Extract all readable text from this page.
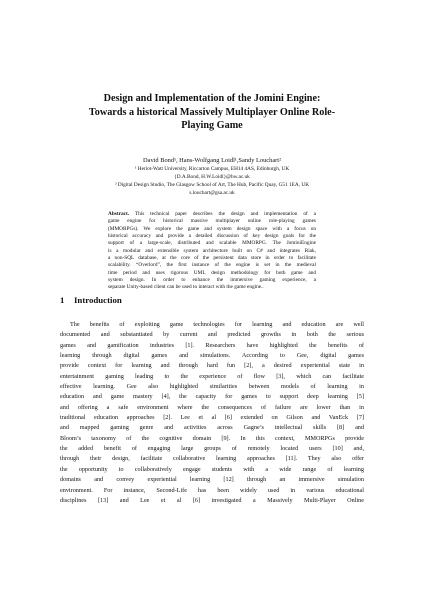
Design and Implementation of the Jomini Engine:
Towards a historical Massively Multiplayer Online Role-
Playing Game
David Bond¹, Hans-Wolfgang Loidl¹,Sandy Louchart²
¹ Heriot-Watt University, Riccarton Campus, EH14 4AS, Edinburgh, UK
{D.A.Bond, H.W.Loidl}@hw.ac.uk
² Digital Design Studio, The Glasgow School of Art, The Hub, Pacific Quay, G51 1EA, UK
s.louchart@gsa.ac.uk
Abstract. This technical paper describes the design and implementation of a
game engine for historical massive multiplayer online role-playing games
(MMORPGs). We explore the game and system design space with a focus on
historical accuracy and provide a detailed discussion of key design goals for the
support of a large-scale, distributed and scalable MMORPG. The JominiEngine
is a modular and extensible system architecture built on C# and integrates Riak,
a non-SQL database, at the core of the persistent data store in order to facilitate
scalability. “Overlord”, the first instance of the engine is set in the medieval
time period and uses rigorous UML design methodology for both game and
system design. In order to enhance the immersive gaming experience, a
separate Unity-based client can be used to interact with the game engine..
1 Introduction
The benefits of exploiting game technologies for learning and education are well
documented and substantiated by current and predicted growths in both the serious
games and gamification industries [1]. Researchers have highlighted the benefits of
learning through digital games and simulations. According to Gee, digital games
provide context for learning and through hard fun [2], a desired experiential state in
entertainment gaming leading to the experience of flow [3], which can facilitate
effective learning. Gee also highlighted similarities between models of learning in
education and game mastery [4], the capacity for games to support deep learning [5]
and offering a safe environment where the consequences of failure are lower than in
traditional education approaches [2]. Lee et al [6] extended on Gilson and VanEck [7]
and mapped gaming genre and activities across Gagne’s intellectual skills [8] and
Bloom’s taxonomy of the cognitive domain [9]. In this context, MMORPGs provide
the added benefit of engaging large groups of remotely located users [10] and,
through their design, facilitate collaborative learning approaches [11]. They also offer
the opportunity to collaboratively engage students with a wide range of learning
domains and convey experiential learning [12] through an immersive simulation
environment. For instance, Second-Life has been widely used in various educational
disciplines [13] and Lee et al [6] investigated a Massively Multi-Player Online
